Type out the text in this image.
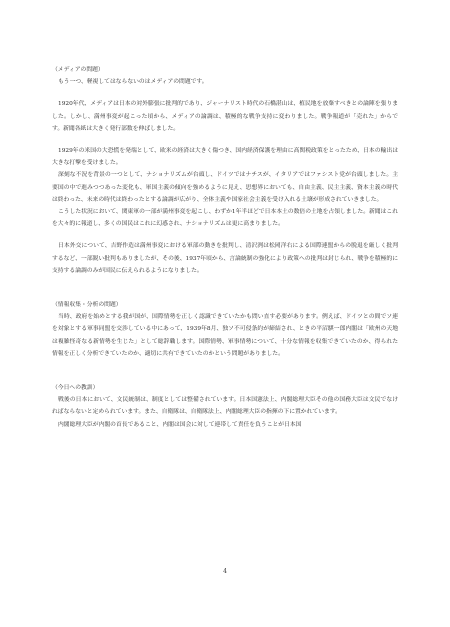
（メディアの問題）

もう一つ、軽視してはならないのはメディアの問題です。

1920年代、メディアは日本の対外膨張に批判的であり、ジャーナリスト時代の石橋湛山は、植民地を放棄すべきとの論陣を張りました。しかし、満州事変が起こった頃から、メディアの論調は、積極的な戦争支持に変わりました。戦争報道が「売れた」からです。新聞各紙は大きく発行部数を伸ばしました。

1929年の米国の大恐慌を発端として、欧米の経済は大きく傷つき、国内経済保護を理由に高関税政策をとったため、日本の輸出は大きな打撃を受けました。

深刻な不況を背景の一つとして、ナショナリズムが台頭し、ドイツではナチスが、イタリアではファシスト党が台頭しました。主要国の中で進みつつあった変化も、軍国主義の傾向を強めるように見え、思想界においても、自由主義、民主主義、資本主義の時代は終わった、未来の時代は終わったとする論調が広がり、全体主義や国家社会主義を受け入れる土壌が形成されていきました。

こうした状況において、関東軍の一部が満州事変を起こし、わずか1年半ほどで日本本土の数倍の土地を占領しました。新聞はこれを大々的に報道し、多くの国民はこれに幻惑され、ナショナリズムは更に高まりました。

日本外交について、吉野作造は満州事変における軍部の動きを批判し、清沢洌は松岡洋右による国際連盟からの脱退を厳しく批判するなど、一部鋭い批判もありましたが、その後、1937年頃から、言論統制の強化により政策への批判は封じられ、戦争を積極的に支持する論調のみが国民に伝えられるようになりました。

（情報収集・分析の問題）

当時、政府を始めとする我が国が、国際情勢を正しく認識できていたかも問い直す必要があります。例えば、ドイツとの間でソ連を対象とする軍事同盟を交渉している中にあって、1939年8月、独ソ不可侵条約が締結され、ときの平沼騏一郎内閣は「欧州の天地は複雑怪奇なる新情勢を生じた」として総辞職します。国際情勢、軍事情勢について、十分な情報を収集できていたのか、得られた情報を正しく分析できていたのか、適切に共有できていたのかという問題がありました。

（今日への教訓）

戦後の日本において、文民統制は、制度としては整備されています。日本国憲法上、内閣総理大臣その他の国務大臣は文民でなければならないと定められています。また、自衛隊は、自衛隊法上、内閣総理大臣の指揮の下に置かれています。

内閣総理大臣が内閣の首長であること、内閣は国会に対して連帯して責任を負うことが日本国

4
